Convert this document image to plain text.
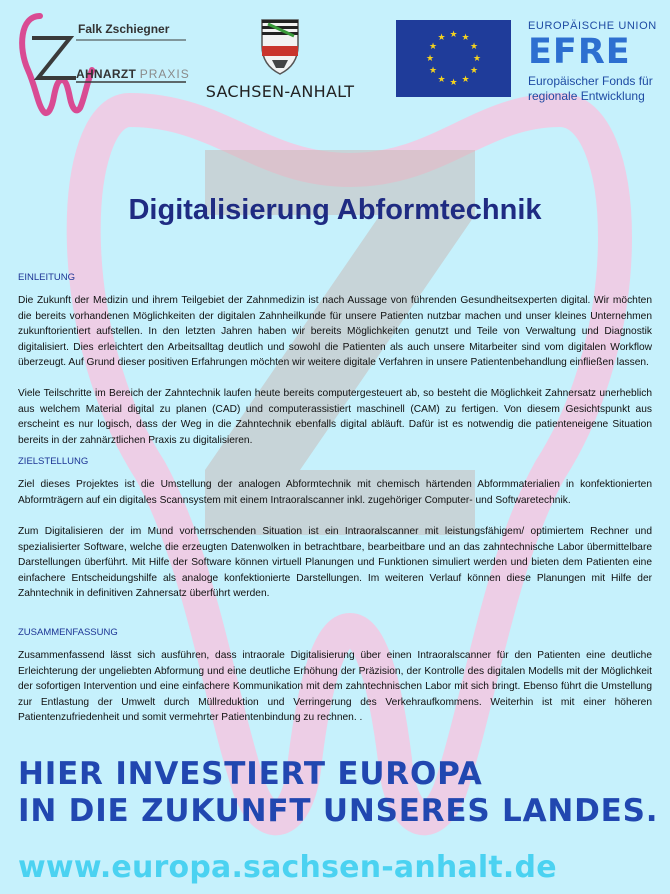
Falk Zschiegner
AHNARZT PRAXIS
SACHSEN-ANHALT
★ ★
★
★
★
★
★
★
★
★
★
★
EUROPÄISCHE UNION
EFRE
Europäischer Fonds für regionale Entwicklung
Digitalisierung Abformtechnik
EINLEITUNG

Die Zukunft der Medizin und ihrem Teilgebiet der Zahnmedizin ist nach Aussage von führenden Gesundheitsexperten digital. Wir möchten die bereits vorhandenen Möglichkeiten der digitalen Zahnheilkunde für unsere Patienten nutzbar machen und unser kleines Unternehmen zukunftorientiert aufstellen. In den letzten Jahren haben wir bereits Möglichkeiten genutzt und Teile von Verwaltung und Diagnostik digitalisiert. Dies erleichtert den Arbeitsalltag deutlich und sowohl die Patienten als auch unsere Mitarbeiter sind vom digitalen Workflow überzeugt. Auf Grund dieser positiven Erfahrungen möchten wir weitere digitale Verfahren in unsere Patientenbehandlung einfließen lassen.

Viele Teilschritte im Bereich der Zahntechnik laufen heute bereits computergesteuert ab, so besteht die Möglichkeit Zahnersatz unerheblich aus welchem Material digital zu planen (CAD) und computerassistiert maschinell (CAM) zu fertigen. Von diesem Gesichtspunkt aus erscheint es nur logisch, dass der Weg in die Zahntechnik ebenfalls digital abläuft. Dafür ist es notwendig die patienteneigene Situation bereits in der zahnärztlichen Praxis zu digitalisieren.

ZIELSTELLUNG

Ziel dieses Projektes ist die Umstellung der analogen Abformtechnik mit chemisch härtenden Abformmaterialien in konfektionierten Abformträgern auf ein digitales Scannsystem mit einem Intraoralscanner inkl. zugehöriger Computer- und Softwaretechnik.

Zum Digitalisieren der im Mund vorherrschenden Situation ist ein Intraoralscanner mit leistungsfähigem/ optimiertem Rechner und spezialisierter Software, welche die erzeugten Datenwolken in betrachtbare, bearbeitbare und an das zahntechnische Labor übermittelbare Darstellungen überführt. Mit Hilfe der Software können virtuell Planungen und Funktionen simuliert werden und bieten dem Patienten eine einfachere Entscheidungshilfe als analoge konfektionierte Darstellungen. Im weiteren Verlauf können diese Planungen mit Hilfe der Zahntechnik in definitiven Zahnersatz überführt werden.

ZUSAMMENFASSUNG

Zusammenfassend lässt sich ausführen, dass intraorale Digitalisierung über einen Intraoralscanner für den Patienten eine deutliche Erleichterung der ungeliebten Abformung und eine deutliche Erhöhung der Präzision, der Kontrolle des digitalen Modells mit der Möglichkeit der sofortigen Intervention und eine einfachere Kommunikation mit dem zahntechnischen Labor mit sich bringt. Ebenso führt die Umstellung zur Entlastung der Umwelt durch Müllreduktion und Verringerung des Verkehraufkommens. Weiterhin ist mit einer höheren Patientenzufriedenheit und somit vermehrter Patientenbindung zu rechnen. .

HIER INVESTIERT EUROPA
IN DIE ZUKUNFT UNSERES LANDES.
www.europa.sachsen-anhalt.de
